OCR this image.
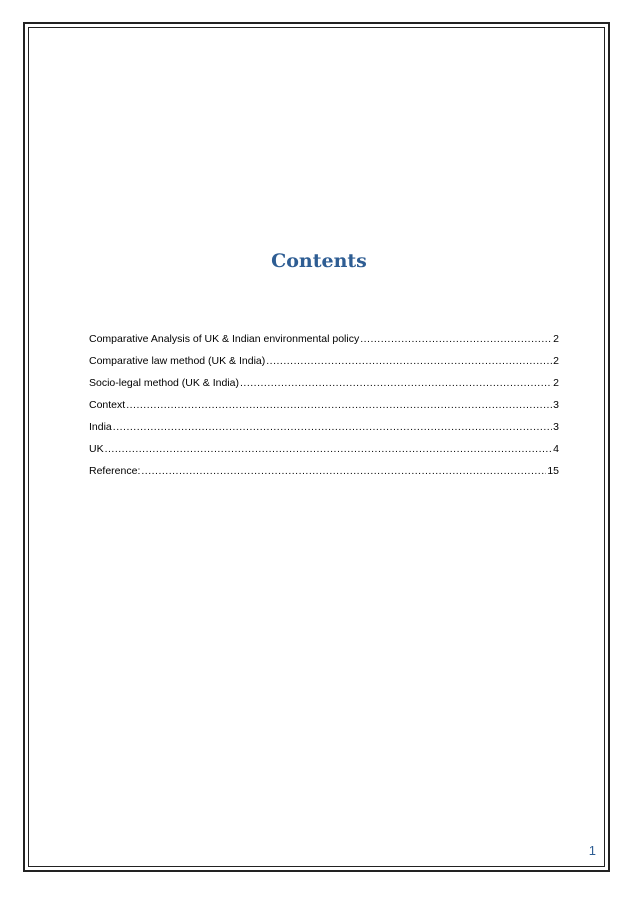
Contents
Comparative Analysis of UK & Indian environmental policy .....	2
Comparative law method (UK & India) .....	2
Socio-legal method (UK & India) .....	2
Context .....	3
India .....	3
UK .....	4
Reference: .....	15
1
